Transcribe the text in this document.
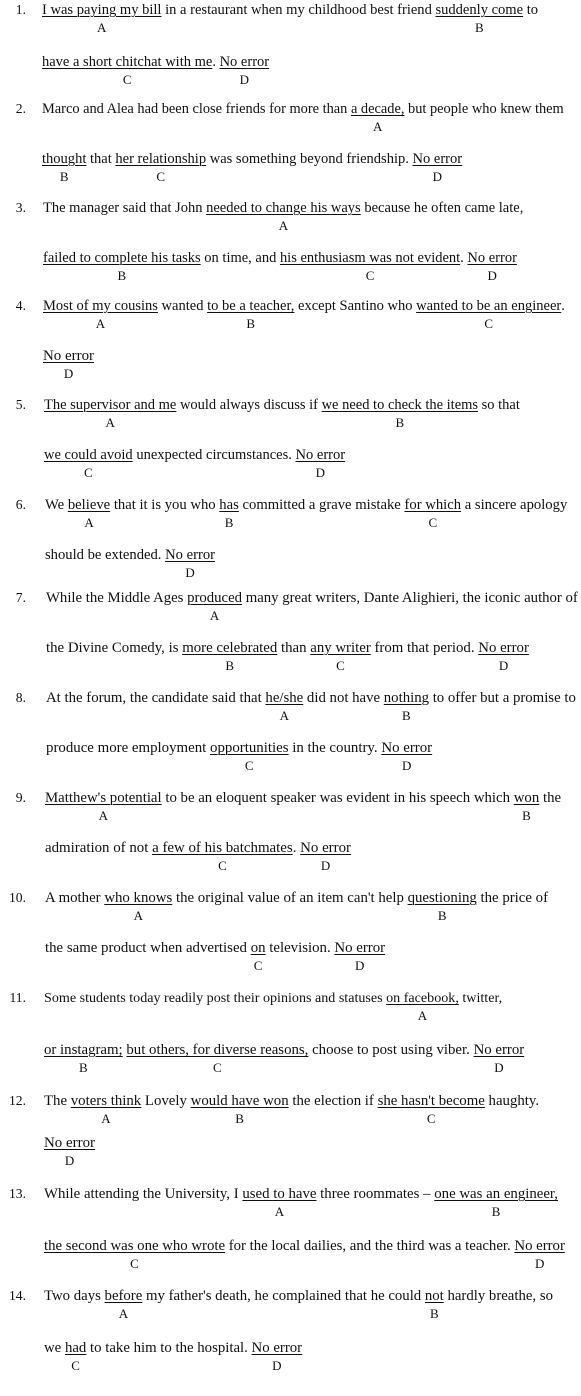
1. I was paying my bill
A
in a restaurant when my childhood best friend suddenly come
B
to
have a short chitchat with me
C
. No error
D
2. Marco and Alea had been close friends for more than a decade,
A
but people who knew them
thought
B
that her relationship
C
was something beyond friendship. No error
D
3. The manager said that John needed to change his ways
A
because he often came late,
failed to complete his tasks
B
on time, and his enthusiasm was not evident
C
. No error
D
4. Most of my cousins
A
wanted to be a teacher,
B
except Santino who wanted to be an engineer
C
.
No error
D
5. The supervisor and me
A
would always discuss if we need to check the items
B
so that
we could avoid
C
unexpected circumstances. No error
D
6. We believe
A
that it is you who has
B
committed a grave mistake for which
C
a sincere apology
should be extended. No error
D
7. While the Middle Ages produced
A
many great writers, Dante Alighieri, the iconic author of
the Divine Comedy, is more celebrated
B
than any writer
C
from that period. No error
D
8. At the forum, the candidate said that he/she
A
did not have nothing
B
to offer but a promise to
produce more employment opportunities
C
in the country. No error
D
9. Matthew's potential
A
to be an eloquent speaker was evident in his speech which won
B
the
admiration of not a few of his batchmates
C
. No error
D
10. A mother who knows
A
the original value of an item can't help questioning
B
the price of
the same product when advertised on
C
television. No error
D
11. Some students today readily post their opinions and statuses on facebook,
A
twitter,
or instagram;
B
but others, for diverse reasons,
C
choose to post using viber. No error
D
12. The voters think
A
Lovely would have won
B
the election if she hasn't become
C
haughty.
No error
D
13. While attending the University, I used to have
A
three roommates – one was an engineer,
B
the second was one who wrote
C
for the local dailies, and the third was a teacher. No error
D
14. Two days before
A
my father's death, he complained that he could not
B
hardly breathe, so
we had
C
to take him to the hospital. No error
D
